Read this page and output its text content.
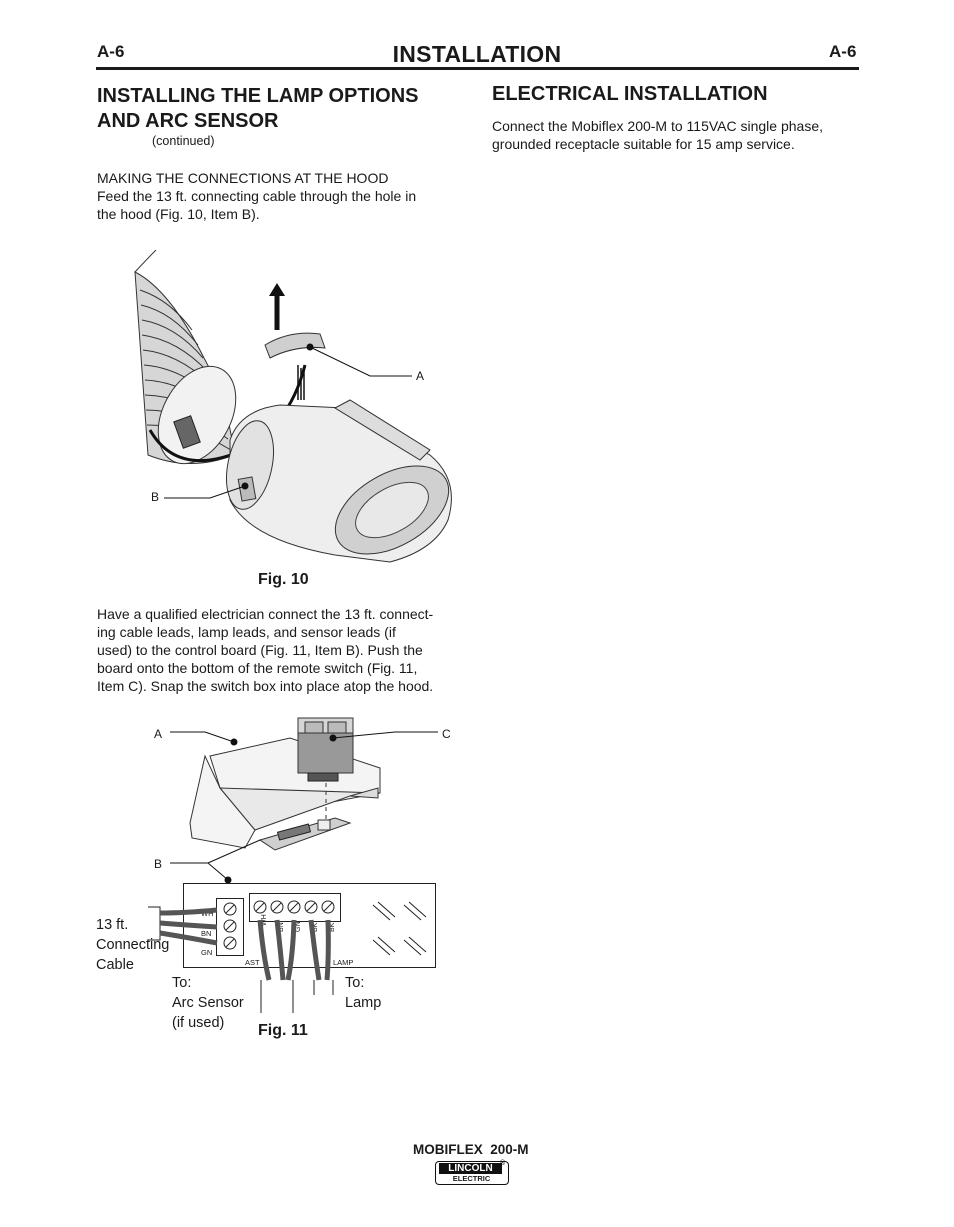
A-6	INSTALLATION	A-6
INSTALLING THE LAMP OPTIONS
AND ARC SENSOR
(continued)
MAKING THE CONNECTIONS AT THE HOOD
Feed the 13 ft. connecting cable through the hole in
the hood (Fig. 10, Item B).
A
B
Fig. 10
Have a qualified electrician connect the 13 ft. connect-
ing cable leads, lamp leads, and sensor leads (if
used) to the control board (Fig. 11, Item B). Push the
board onto the bottom of the remote switch (Fig. 11,
Item C). Snap the switch box into place atop the hood.
A	C
B
WH
BN
GN
WH
BN GN BK BK
AST	LAMP
13 ft.
Connecting
Cable
To:
Arc Sensor
(if used)
To:
Lamp
Fig. 11
ELECTRICAL INSTALLATION
Connect the Mobiflex 200-M to 115VAC single phase,
grounded receptacle suitable for 15 amp service.
MOBIFLEX  200-M
LINCOLN
ELECTRIC
®
